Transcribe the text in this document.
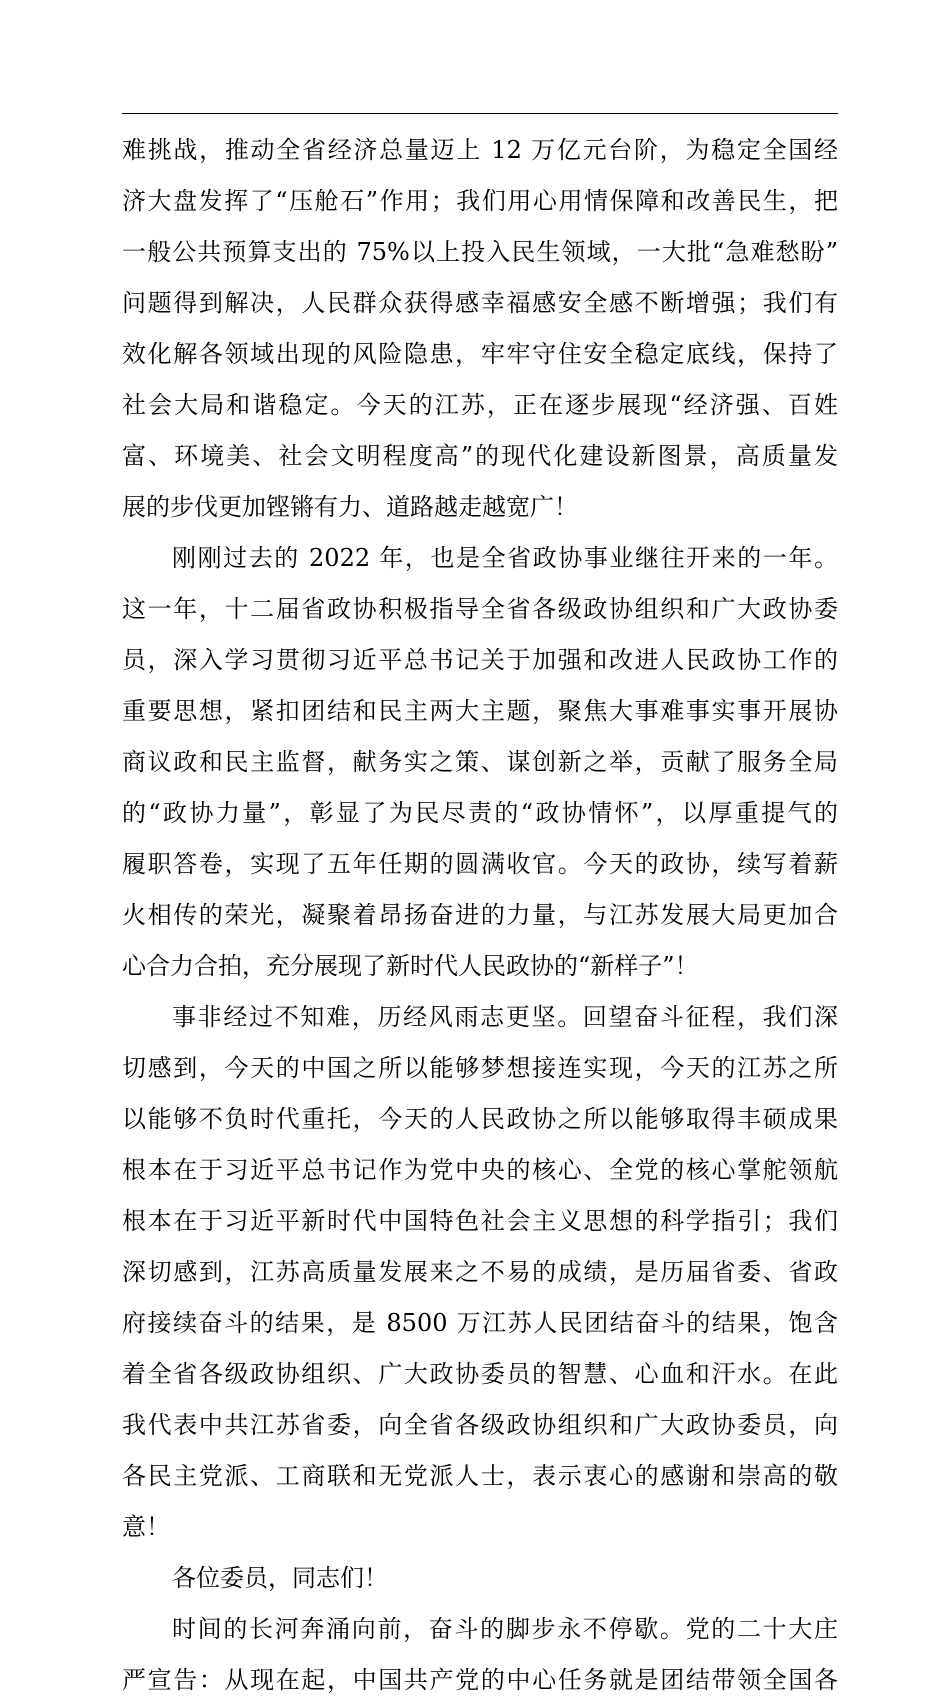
难挑战，推动全省经济总量迈上 12 万亿元台阶，为稳定全国经
济大盘发挥了“压舱石”作用；我们用心用情保障和改善民生，把
一般公共预算支出的 75%以上投入民生领域，一大批“急难愁盼”
问题得到解决，人民群众获得感幸福感安全感不断增强；我们有
效化解各领域出现的风险隐患，牢牢守住安全稳定底线，保持了
社会大局和谐稳定。今天的江苏，正在逐步展现“经济强、百姓
富、环境美、社会文明程度高”的现代化建设新图景，高质量发
展的步伐更加铿锵有力、道路越走越宽广！
刚刚过去的 2022 年，也是全省政协事业继往开来的一年。
这一年，十二届省政协积极指导全省各级政协组织和广大政协委
员，深入学习贯彻习近平总书记关于加强和改进人民政协工作的
重要思想，紧扣团结和民主两大主题，聚焦大事难事实事开展协
商议政和民主监督，献务实之策、谋创新之举，贡献了服务全局
的“政协力量”，彰显了为民尽责的“政协情怀”，以厚重提气的
履职答卷，实现了五年任期的圆满收官。今天的政协，续写着薪
火相传的荣光，凝聚着昂扬奋进的力量，与江苏发展大局更加合
心合力合拍，充分展现了新时代人民政协的“新样子”！
事非经过不知难，历经风雨志更坚。回望奋斗征程，我们深
切感到，今天的中国之所以能够梦想接连实现，今天的江苏之所
以能够不负时代重托，今天的人民政协之所以能够取得丰硕成果
根本在于习近平总书记作为党中央的核心、全党的核心掌舵领航
根本在于习近平新时代中国特色社会主义思想的科学指引；我们
深切感到，江苏高质量发展来之不易的成绩，是历届省委、省政
府接续奋斗的结果，是 8500 万江苏人民团结奋斗的结果，饱含
着全省各级政协组织、广大政协委员的智慧、心血和汗水。在此
我代表中共江苏省委，向全省各级政协组织和广大政协委员，向
各民主党派、工商联和无党派人士，表示衷心的感谢和崇高的敬
意！
各位委员，同志们！
时间的长河奔涌向前，奋斗的脚步永不停歇。党的二十大庄
严宣告：从现在起，中国共产党的中心任务就是团结带领全国各
